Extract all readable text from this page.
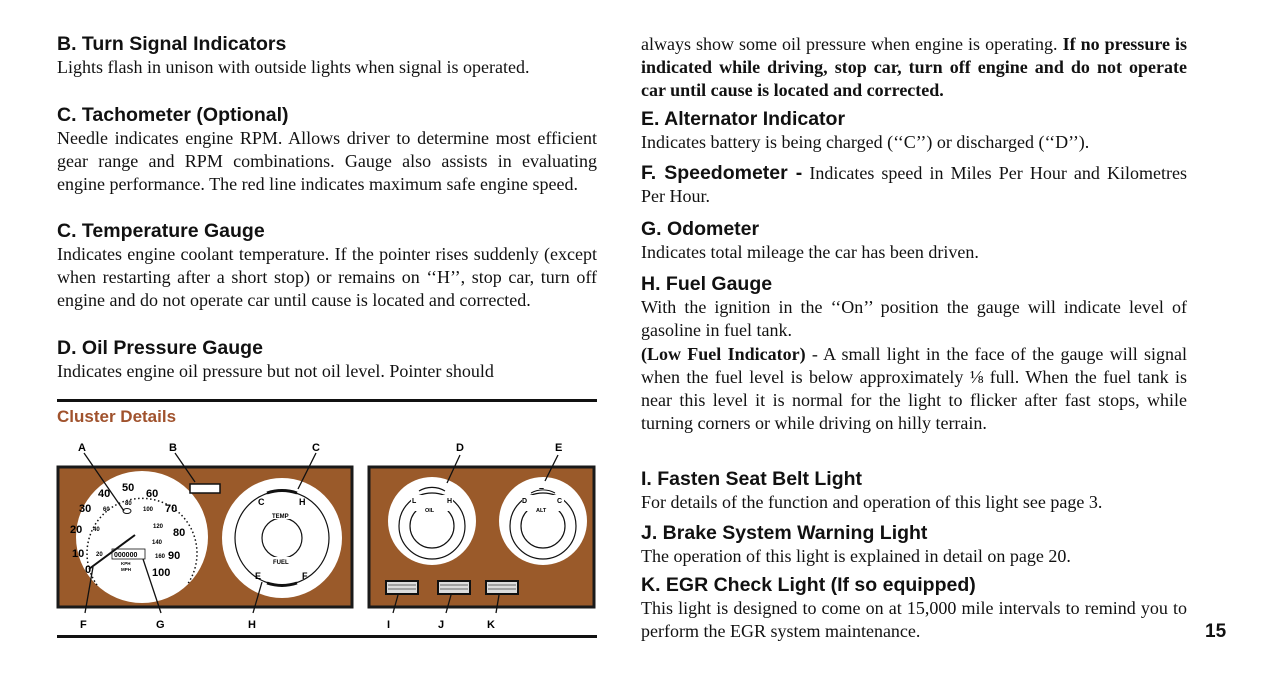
B. Turn Signal Indicators
Lights flash in unison with outside lights when signal is operated.
C. Tachometer (Optional)
Needle indicates engine RPM. Allows driver to determine most efficient gear range and RPM combinations. Gauge also assists in evaluating engine performance. The red line indicates maximum safe engine speed.
C. Temperature Gauge
Indicates engine coolant temperature. If the pointer rises suddenly (except when restarting after a short stop) or remains on ‘‘H’’, stop car, turn off engine and do not operate car until cause is located and corrected.
D. Oil Pressure Gauge
Indicates engine oil pressure but not oil level. Pointer should
Cluster Details
0
10
20
30
40 50 60
70
80
90
100
20
40
60
80
100
120
140
160
000000
KPH
MPH
C	H
TEMP
FUEL
E	F
L	H
OIL
–
D	C
ALT
A	B	C	D	E
F	G	H	I	J	K
always show some oil pressure when engine is operating. If no pressure is indicated while driving, stop car, turn off engine and do not operate car until cause is located and corrected.
E. Alternator Indicator
Indicates battery is being charged (‘‘C’’) or discharged (‘‘D’’).
F. Speedometer - Indicates speed in Miles Per Hour and Kilometres Per Hour.
G. Odometer
Indicates total mileage the car has been driven.
H. Fuel Gauge
With the ignition in the ‘‘On’’ position the gauge will indicate level of gasoline in fuel tank.
(Low Fuel Indicator) - A small light in the face of the gauge will signal when the fuel level is below approximately ⅛ full. When the fuel tank is near this level it is normal for the light to flicker after fast stops, while turning corners or while driving on hilly terrain.
I. Fasten Seat Belt Light
For details of the function and operation of this light see page 3.
J. Brake System Warning Light
The operation of this light is explained in detail on page 20.
K. EGR Check Light (If so equipped)
This light is designed to come on at 15,000 mile intervals to remind you to perform the EGR system maintenance.	15
